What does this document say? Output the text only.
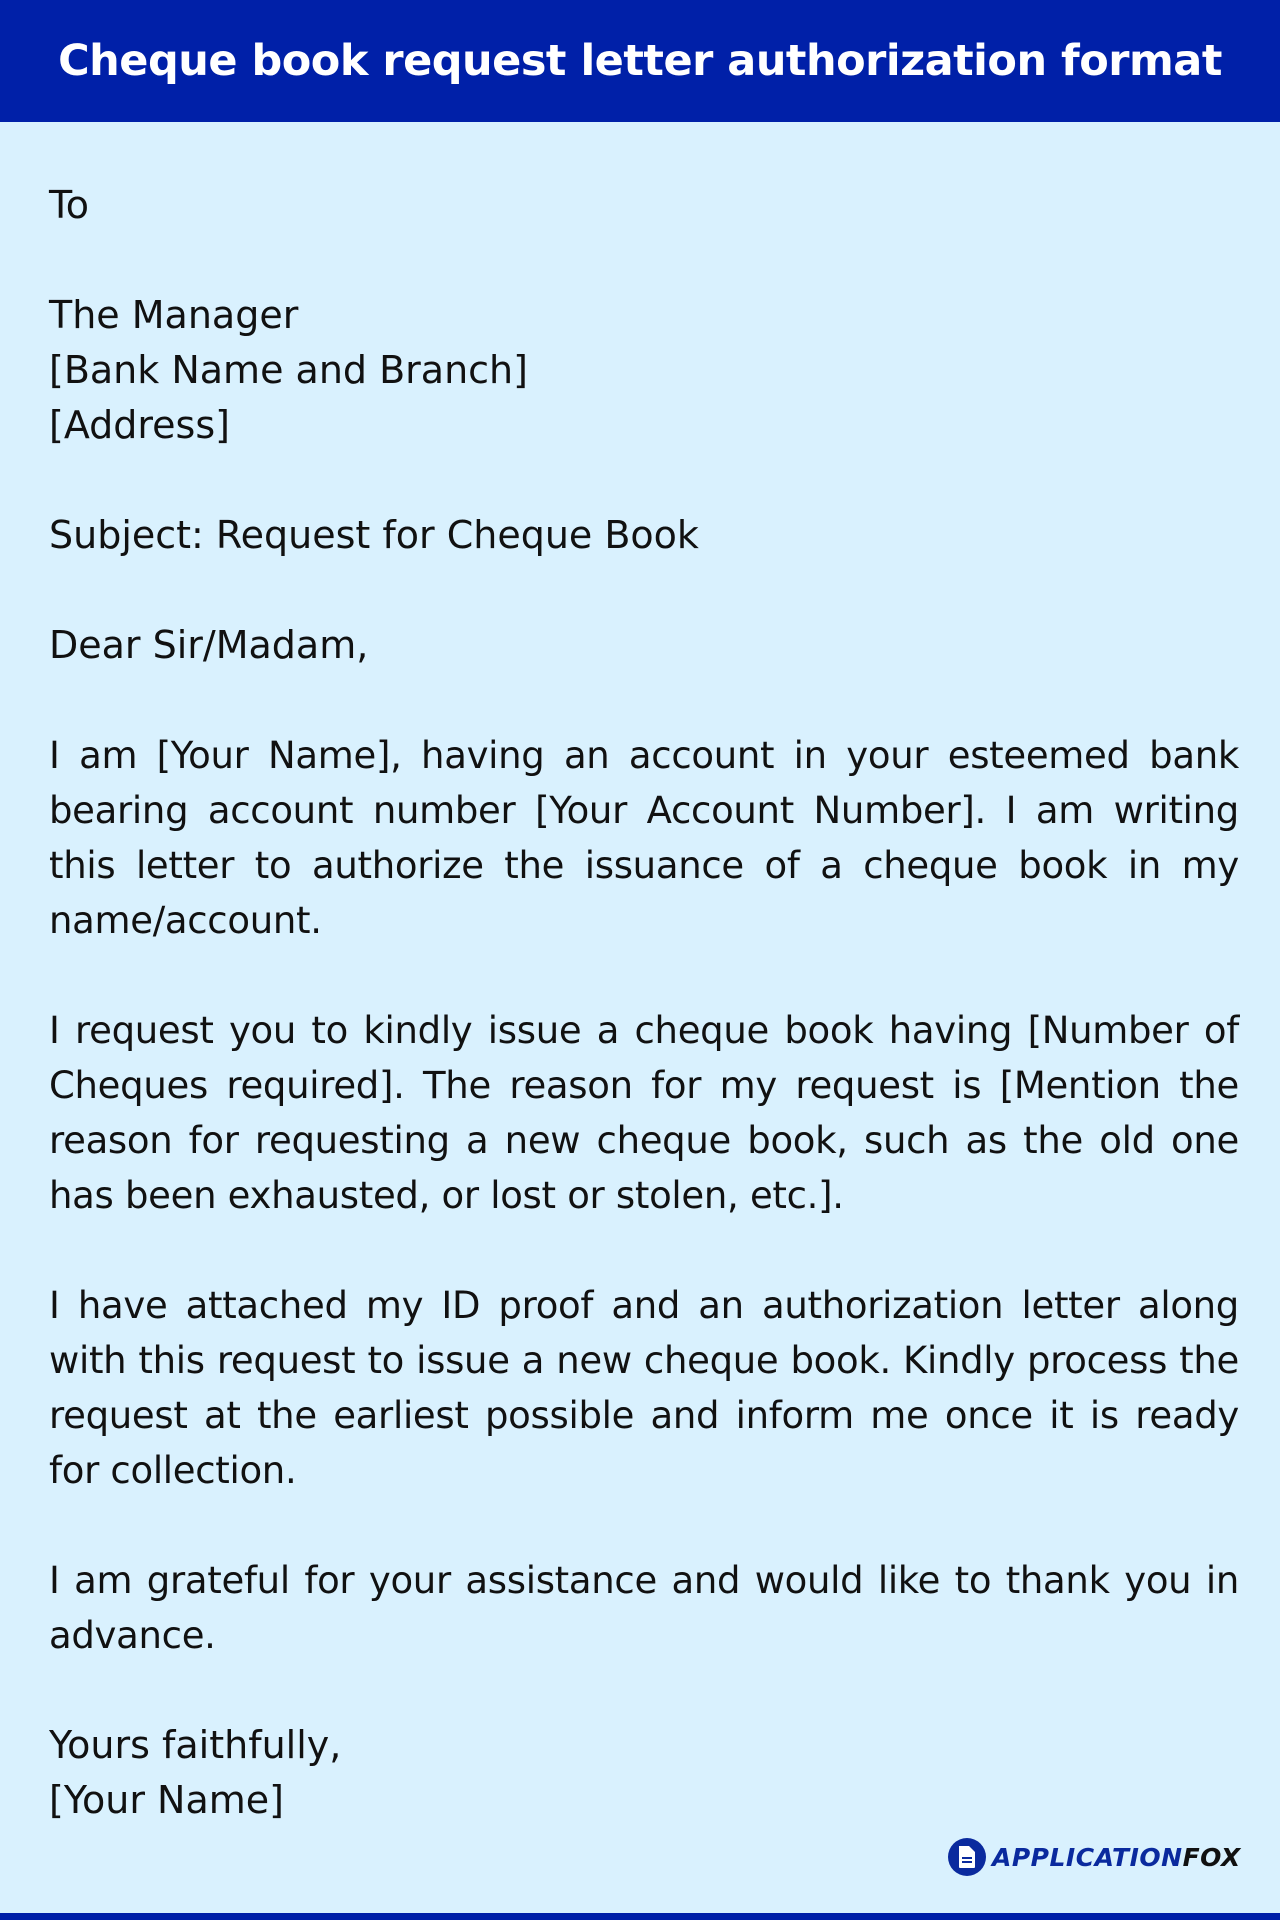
Cheque book request letter authorization format
To
The Manager
[Bank Name and Branch]
[Address]
Subject: Request for Cheque Book
Dear Sir/Madam,

I am [Your Name], having an account in your esteemed bank bearing account number [Your Account Number]. I am writing this letter to authorize the issuance of a cheque book in my name/account.

I request you to kindly issue a cheque book having [Number of Cheques required]. The reason for my request is [Mention the reason for requesting a new cheque book, such as the old one has been exhausted, or lost or stolen, etc.].

I have attached my ID proof and an authorization letter along with this request to issue a new cheque book. Kindly process the request at the earliest possible and inform me once it is ready for collection.

I am grateful for your assistance and would like to thank you in advance.

Yours faithfully,
[Your Name]
APPLICATIONFOX
